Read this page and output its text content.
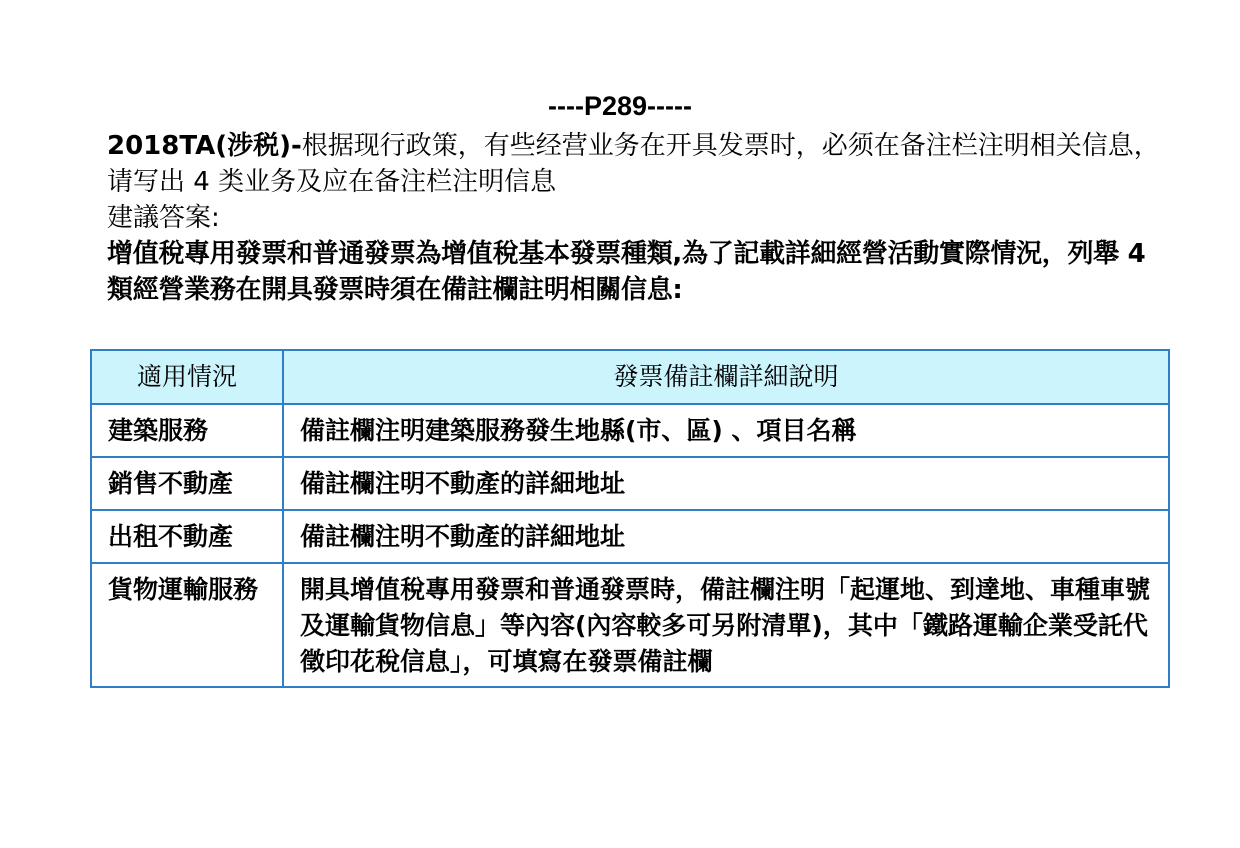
----P289-----

2018TA(涉税)-根据现行政策，有些经营业务在开具发票时，必须在备注栏注明相关信息，请写出 4 类业务及应在备注栏注明信息

建議答案:

增值稅專用發票和普通發票為增值稅基本發票種類,為了記載詳細經營活動實際情況，列舉 4 類經營業務在開具發票時須在備註欄註明相關信息:

適用情況	發票備註欄詳細說明
建築服務	備註欄注明建築服務發生地縣(市、區) 、項目名稱
銷售不動產	備註欄注明不動產的詳細地址
出租不動產	備註欄注明不動產的詳細地址
貨物運輸服務	開具增值稅專用發票和普通發票時，備註欄注明「起運地、到達地、車種車號及運輸貨物信息」等內容(內容較多可另附清單)，其中「鐵路運輸企業受託代徵印花稅信息」，可填寫在發票備註欄
